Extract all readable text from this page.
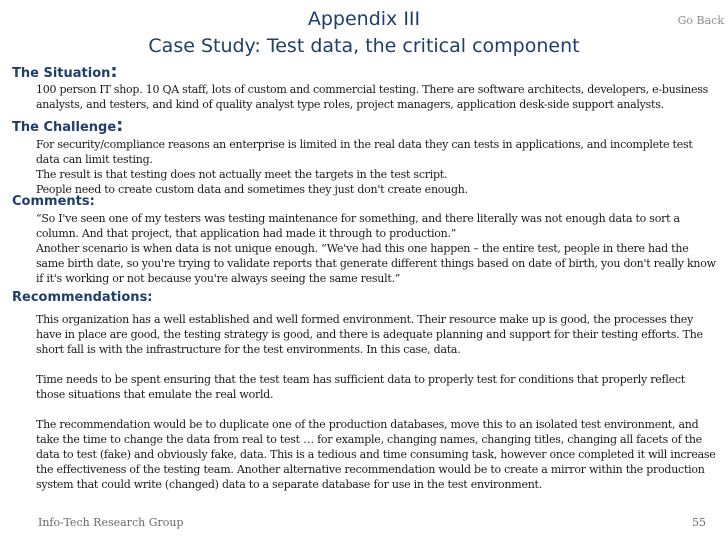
Appendix III
Case Study: Test data, the critical component
Go Back
The Situation:

100 person IT shop. 10 QA staff, lots of custom and commercial testing. There are software architects, developers, e-business analysts, and testers, and kind of quality analyst type roles, project managers, application desk-side support analysts.

The Challenge:

For security/compliance reasons an enterprise is limited in the real data they can tests in applications, and incomplete test data can limit testing.

The result is that testing does not actually meet the targets in the test script.

People need to create custom data and sometimes they just don't create enough.

Comments:

“So I've seen one of my testers was testing maintenance for something, and there literally was not enough data to sort a column. And that project, that application had made it through to production.”

Another scenario is when data is not unique enough. “We've had this one happen – the entire test, people in there had the same birth date, so you're trying to validate reports that generate different things based on date of birth, you don't really know if it's working or not because you're always seeing the same result.”

Recommendations:

This organization has a well established and well formed environment. Their resource make up is good, the processes they have in place are good, the testing strategy is good, and there is adequate planning and support for their testing efforts. The short fall is with the infrastructure for the test environments. In this case, data.

Time needs to be spent ensuring that the test team has sufficient data to properly test for conditions that properly reflect those situations that emulate the real world.

The recommendation would be to duplicate one of the production databases, move this to an isolated test environment, and take the time to change the data from real to test … for example, changing names, changing titles, changing all facets of the data to test (fake) and obviously fake, data. This is a tedious and time consuming task, however once completed it will increase the effectiveness of the testing team. Another alternative recommendation would be to create a mirror within the production system that could write (changed) data to a separate database for use in the test environment.

Info-Tech Research Group	55
